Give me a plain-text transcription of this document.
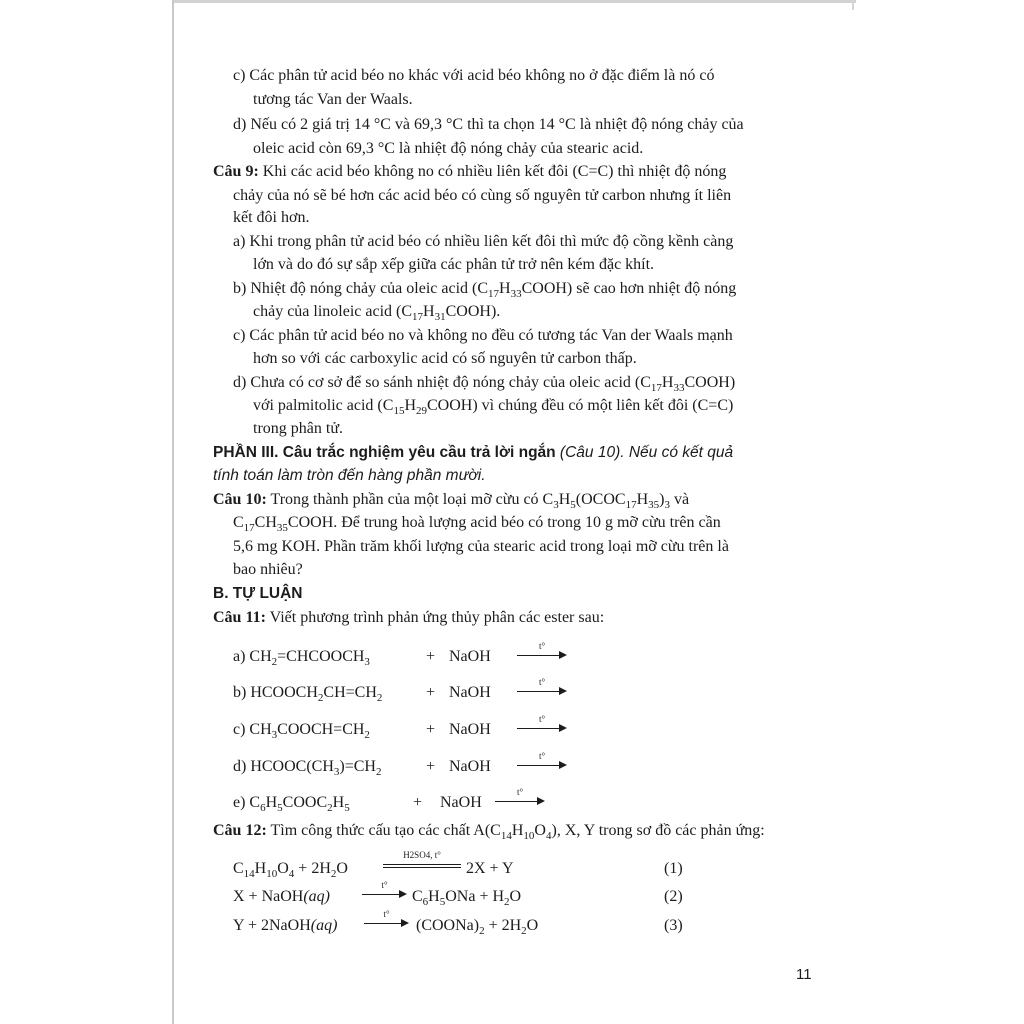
c) Các phân tử acid béo no khác với acid béo không no ở đặc điểm là nó có
tương tác Van der Waals.
d) Nếu có 2 giá trị 14 °C và 69,3 °C thì ta chọn 14 °C là nhiệt độ nóng chảy của
oleic acid còn 69,3 °C là nhiệt độ nóng chảy của stearic acid.
Câu 9: Khi các acid béo không no có nhiều liên kết đôi (C=C) thì nhiệt độ nóng
chảy của nó sẽ bé hơn các acid béo có cùng số nguyên tử carbon nhưng ít liên
kết đôi hơn.
a) Khi trong phân tử acid béo có nhiều liên kết đôi thì mức độ cồng kềnh càng
lớn và do đó sự sắp xếp giữa các phân tử trở nên kém đặc khít.
b) Nhiệt độ nóng chảy của oleic acid $(C_{17}H_{33}COOH)$ sẽ cao hơn nhiệt độ nóng
chảy của linoleic acid $(C_{17}H_{31}COOH)$.
c) Các phân tử acid béo no và không no đều có tương tác Van der Waals mạnh
hơn so với các carboxylic acid có số nguyên tử carbon thấp.
d) Chưa có cơ sở để so sánh nhiệt độ nóng chảy của oleic acid $(C_{17}H_{33}COOH)$
với palmitolic acid $(C_{15}H_{29}COOH)$ vì chúng đều có một liên kết đôi (C=C)
trong phân tử.
PHẦN III. Câu trắc nghiệm yêu cầu trả lời ngắn (Câu 10). Nếu có kết quả
tính toán làm tròn đến hàng phần mười.
Câu 10: Trong thành phần của một loại mỡ cừu có $C_3H_5(OCOC_{17}H_{35})_3$ và
$C_{17}CH_{35}COOH$. Để trung hoà lượng acid béo có trong 10 g mỡ cừu trên cần
5,6 mg KOH. Phần trăm khối lượng của stearic acid trong loại mỡ cừu trên là
bao nhiêu?
B. TỰ LUẬN
Câu 11: Viết phương trình phản ứng thủy phân các ester sau:
a) $CH_2=CHCOOCH_3$	+ NaOH
t°
b) $HCOOCH_2CH=CH_2$	+ NaOH
t°
c) $CH_3COOCH=CH_2$	+ NaOH
t°
d) $HCOOC(CH_3)=CH_2$	+ NaOH
t°
e) $C_6H_5COOC_2H_5$	+ NaOH
t°
Câu 12: Tìm công thức cấu tạo các chất $A(C_{14}H_{10}O_4)$, X, Y trong sơ đồ các phản ứng:
$C_{14}H_{10}O_4 + 2H_2O$
H2SO4, t°
2X + Y	(1)
X + NaOH(aq)
t°
$C_6H_5ONa + H_2O$	(2)
Y + 2NaOH(aq)
t°
$(COONa)_2 + 2H_2O$	(3)
11
